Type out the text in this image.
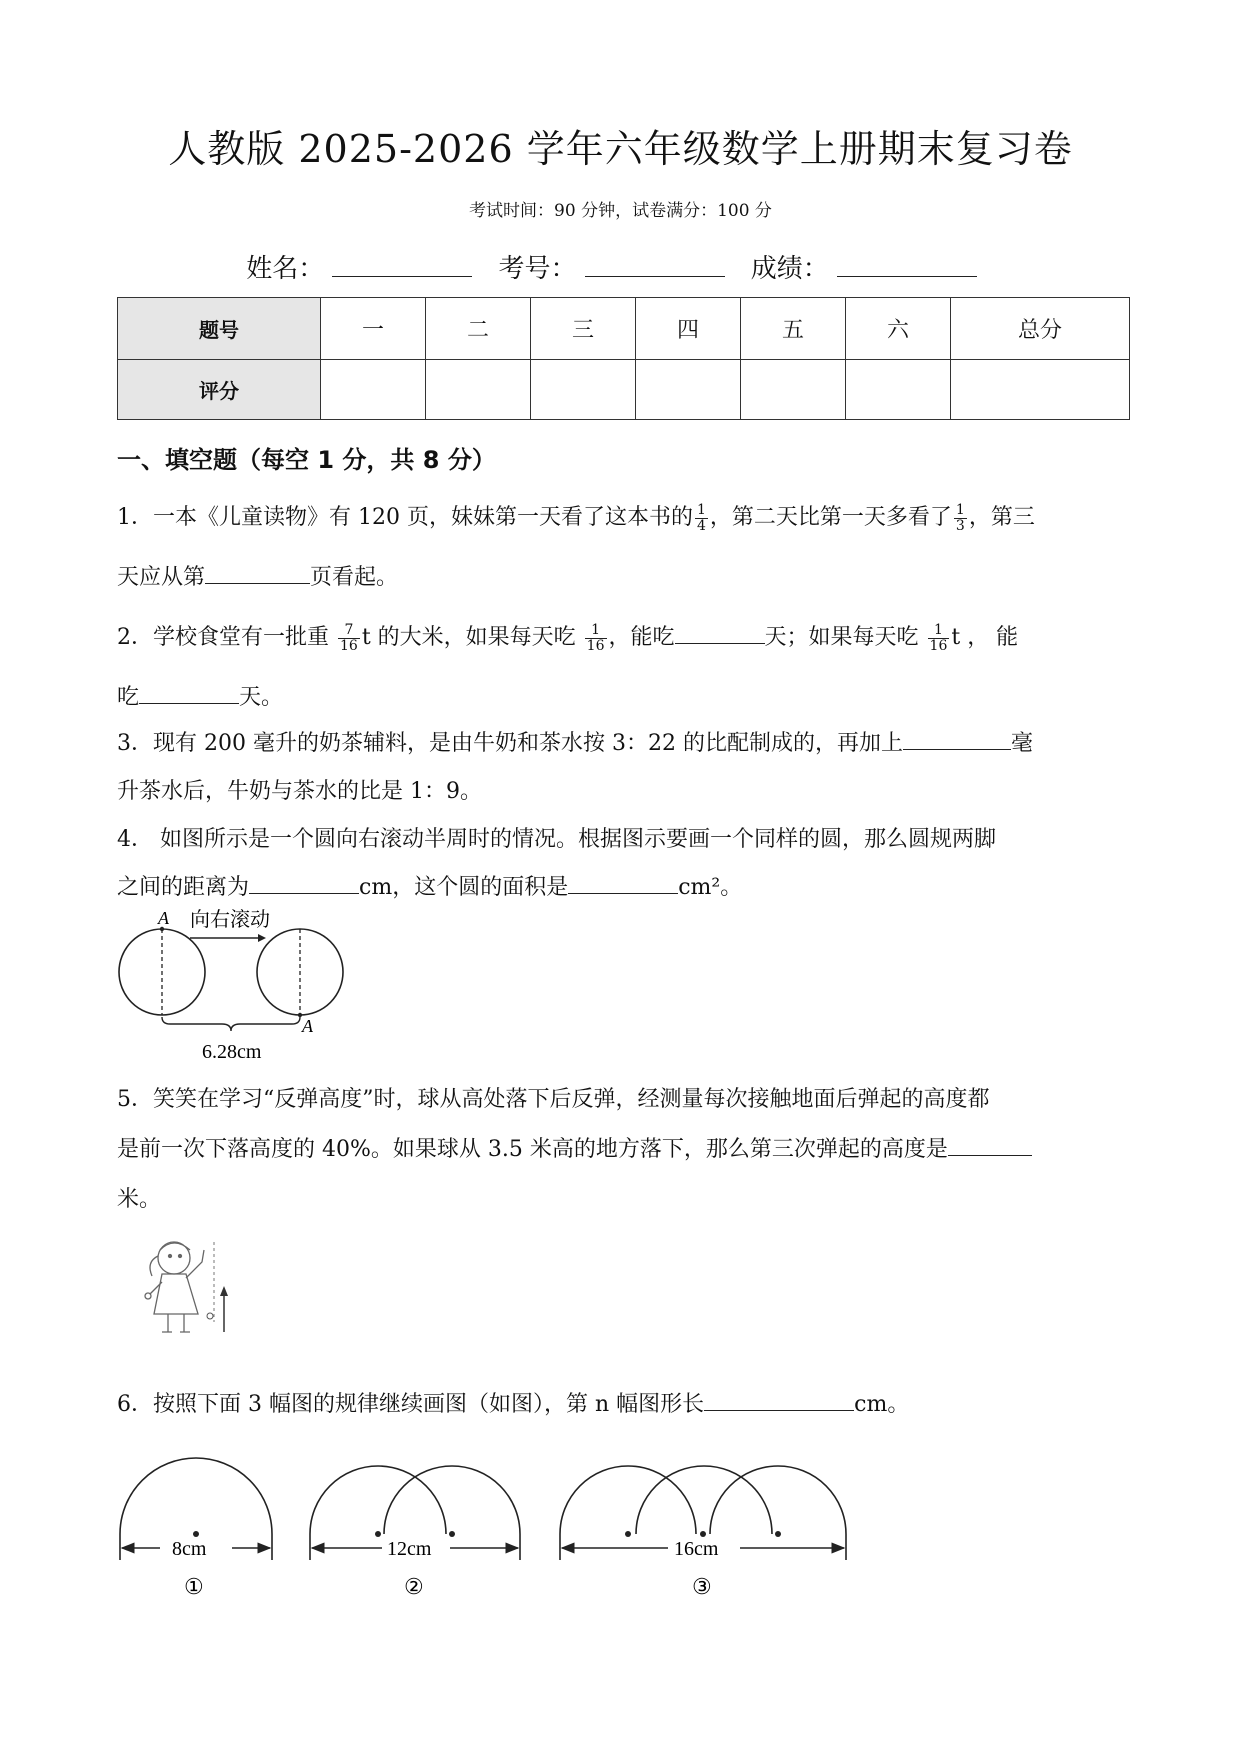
人教版 2025-2026 学年六年级数学上册期末复习卷
考试时间：90 分钟，试卷满分：100 分
姓名：	考号：	成绩：
题号	一	二	三	四	五	六	总分
评分							
一、填空题（每空 1 分，共 8 分）
1．一本《儿童读物》有 120 页，妹妹第一天看了这本书的 $\frac{1}{4}$ ，第二天比第一天多看了 $\frac{1}{3}$ ，第三
天应从第	页看起。
2．学校食堂有一批重 $\frac{7}{16}$ t 的大米，如果每天吃 $\frac{1}{16}$ ，能吃	天；如果每天吃 $\frac{1}{16}$ t ， 能
吃	天。
3．现有 200 毫升的奶茶辅料，是由牛奶和茶水按 3：22 的比配制成的，再加上	毫
升茶水后，牛奶与茶水的比是 1：9。
4． 如图所示是一个圆向右滚动半周时的情况。根据图示要画一个同样的圆，那么圆规两脚
之间的距离为	cm，这个圆的面积是	cm²。
A 向右滚动
A
6.28cm
5．笑笑在学习“反弹高度”时，球从高处落下后反弹，经测量每次接触地面后弹起的高度都
是前一次下落高度的 40%。如果球从 3.5 米高的地方落下，那么第三次弹起的高度是
米。
6．按照下面 3 幅图的规律继续画图（如图），第 n 幅图形长	cm。
8cm	12cm	16cm
①	②	③
